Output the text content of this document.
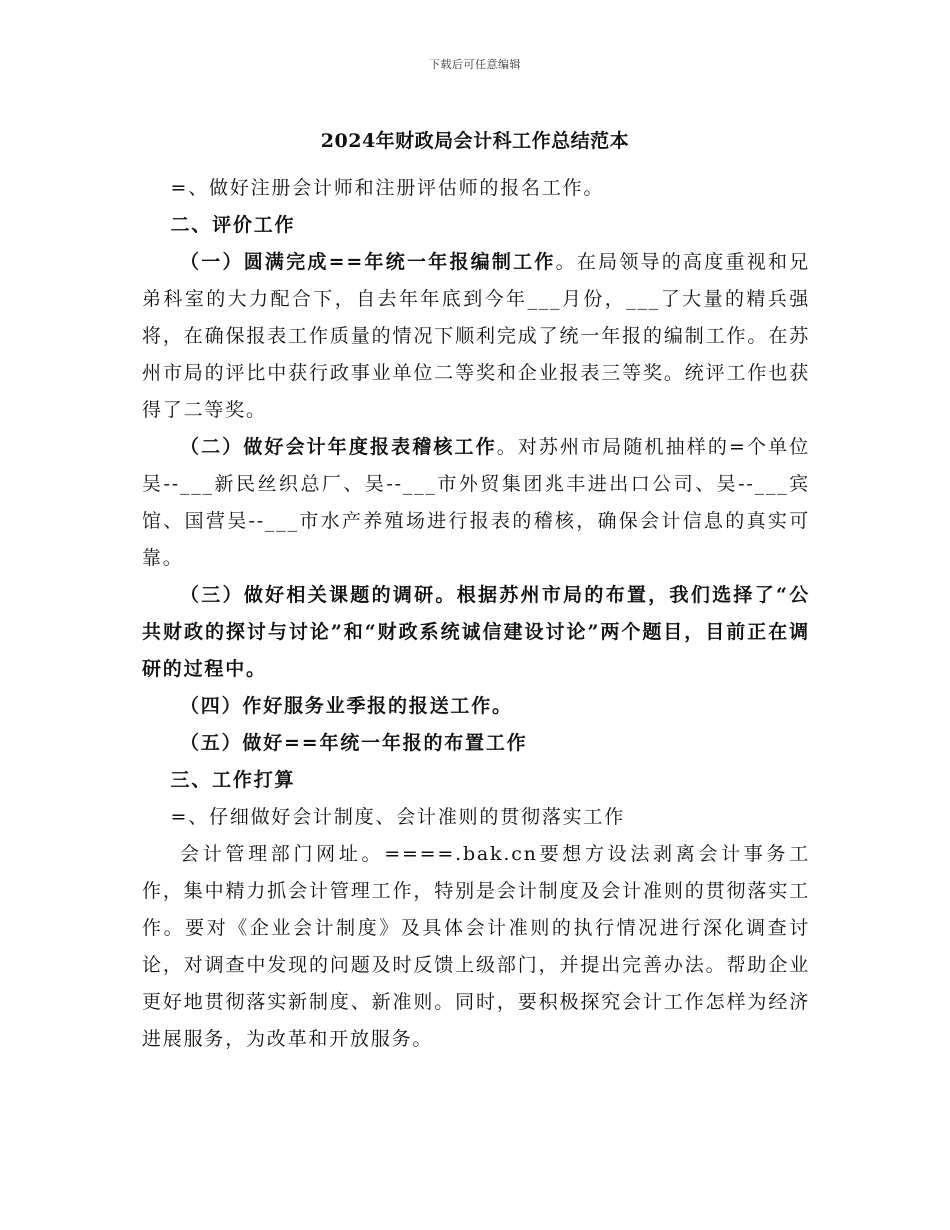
下载后可任意编辑
2024年财政局会计科工作总结范本

=、做好注册会计师和注册评估师的报名工作。

二、评价工作

（一）圆满完成==年统一年报编制工作。在局领导的高度重视和兄弟科室的大力配合下，自去年年底到今年___月份，___了大量的精兵强将，在确保报表工作质量的情况下顺利完成了统一年报的编制工作。在苏州市局的评比中获行政事业单位二等奖和企业报表三等奖。统评工作也获得了二等奖。

（二）做好会计年度报表稽核工作。对苏州市局随机抽样的=个单位吴--___新民丝织总厂、吴--___市外贸集团兆丰进出口公司、吴--___宾馆、国营吴--___市水产养殖场进行报表的稽核，确保会计信息的真实可靠。

（三）做好相关课题的调研。根据苏州市局的布置，我们选择了“公共财政的探讨与讨论”和“财政系统诚信建设讨论”两个题目，目前正在调研的过程中。

（四）作好服务业季报的报送工作。

（五）做好==年统一年报的布置工作

三、工作打算

=、仔细做好会计制度、会计准则的贯彻落实工作

会计管理部门网址。====.bak.cn要想方设法剥离会计事务工作，集中精力抓会计管理工作，特别是会计制度及会计准则的贯彻落实工作。要对《企业会计制度》及具体会计准则的执行情况进行深化调查讨论，对调查中发现的问题及时反馈上级部门，并提出完善办法。帮助企业更好地贯彻落实新制度、新准则。同时，要积极探究会计工作怎样为经济进展服务，为改革和开放服务。
